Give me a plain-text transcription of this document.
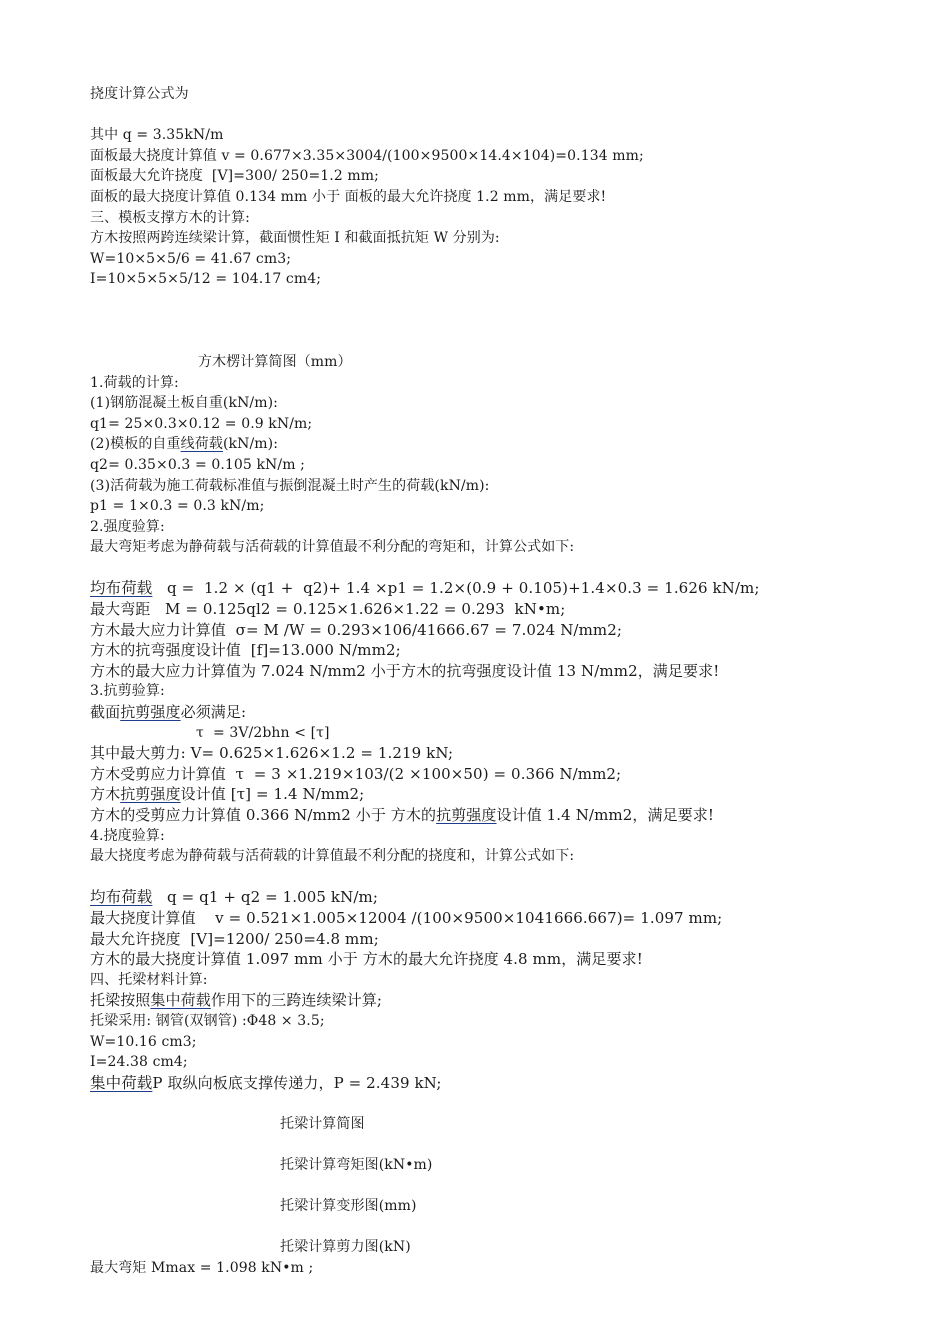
挠度计算公式为
其中 q = 3.35kN/m
面板最大挠度计算值 v = 0.677×3.35×3004/(100×9500×14.4×104)=0.134 mm;
面板最大允许挠度  [V]=300/ 250=1.2 mm;
面板的最大挠度计算值 0.134 mm 小于 面板的最大允许挠度 1.2 mm，满足要求!
三、模板支撑方木的计算:
方木按照两跨连续梁计算，截面惯性矩 I 和截面抵抗矩 W 分别为:
W=10×5×5/6 = 41.67 cm3;
I=10×5×5×5/12 = 104.17 cm4;
方木楞计算简图（mm）
1.荷载的计算:
(1)钢筋混凝土板自重(kN/m):
q1= 25×0.3×0.12 = 0.9 kN/m;
(2)模板的自重线荷载(kN/m):
q2= 0.35×0.3 = 0.105 kN/m ;
(3)活荷载为施工荷载标准值与振倒混凝土时产生的荷载(kN/m):
p1 = 1×0.3 = 0.3 kN/m;
2.强度验算:
最大弯矩考虑为静荷载与活荷载的计算值最不利分配的弯矩和，计算公式如下:
均布荷载   q =  1.2 × (q1 +  q2)+ 1.4 ×p1 = 1.2×(0.9 + 0.105)+1.4×0.3 = 1.626 kN/m;
最大弯距   M = 0.125ql2 = 0.125×1.626×1.22 = 0.293  kN•m;
方木最大应力计算值  σ= M /W = 0.293×106/41666.67 = 7.024 N/mm2;
方木的抗弯强度设计值  [f]=13.000 N/mm2;
方木的最大应力计算值为 7.024 N/mm2 小于方木的抗弯强度设计值 13 N/mm2，满足要求!
3.抗剪验算:
截面抗剪强度必须满足:
τ  = 3V/2bhn < [τ]
其中最大剪力: V= 0.625×1.626×1.2 = 1.219 kN;
方木受剪应力计算值  τ  = 3 ×1.219×103/(2 ×100×50) = 0.366 N/mm2;
方木抗剪强度设计值 [τ] = 1.4 N/mm2;
方木的受剪应力计算值 0.366 N/mm2 小于 方木的抗剪强度设计值 1.4 N/mm2，满足要求!
4.挠度验算:
最大挠度考虑为静荷载与活荷载的计算值最不利分配的挠度和，计算公式如下:
均布荷载   q = q1 + q2 = 1.005 kN/m;
最大挠度计算值    v = 0.521×1.005×12004 /(100×9500×1041666.667)= 1.097 mm;
最大允许挠度  [V]=1200/ 250=4.8 mm;
方木的最大挠度计算值 1.097 mm 小于 方木的最大允许挠度 4.8 mm，满足要求!
四、托梁材料计算:
托梁按照集中荷载作用下的三跨连续梁计算;
托梁采用: 钢管(双钢管) :Φ48 × 3.5;
W=10.16 cm3;
I=24.38 cm4;
集中荷载P 取纵向板底支撑传递力，P = 2.439 kN;
托梁计算简图
托梁计算弯矩图(kN•m)
托梁计算变形图(mm)
托梁计算剪力图(kN)
最大弯矩 Mmax = 1.098 kN•m ;
